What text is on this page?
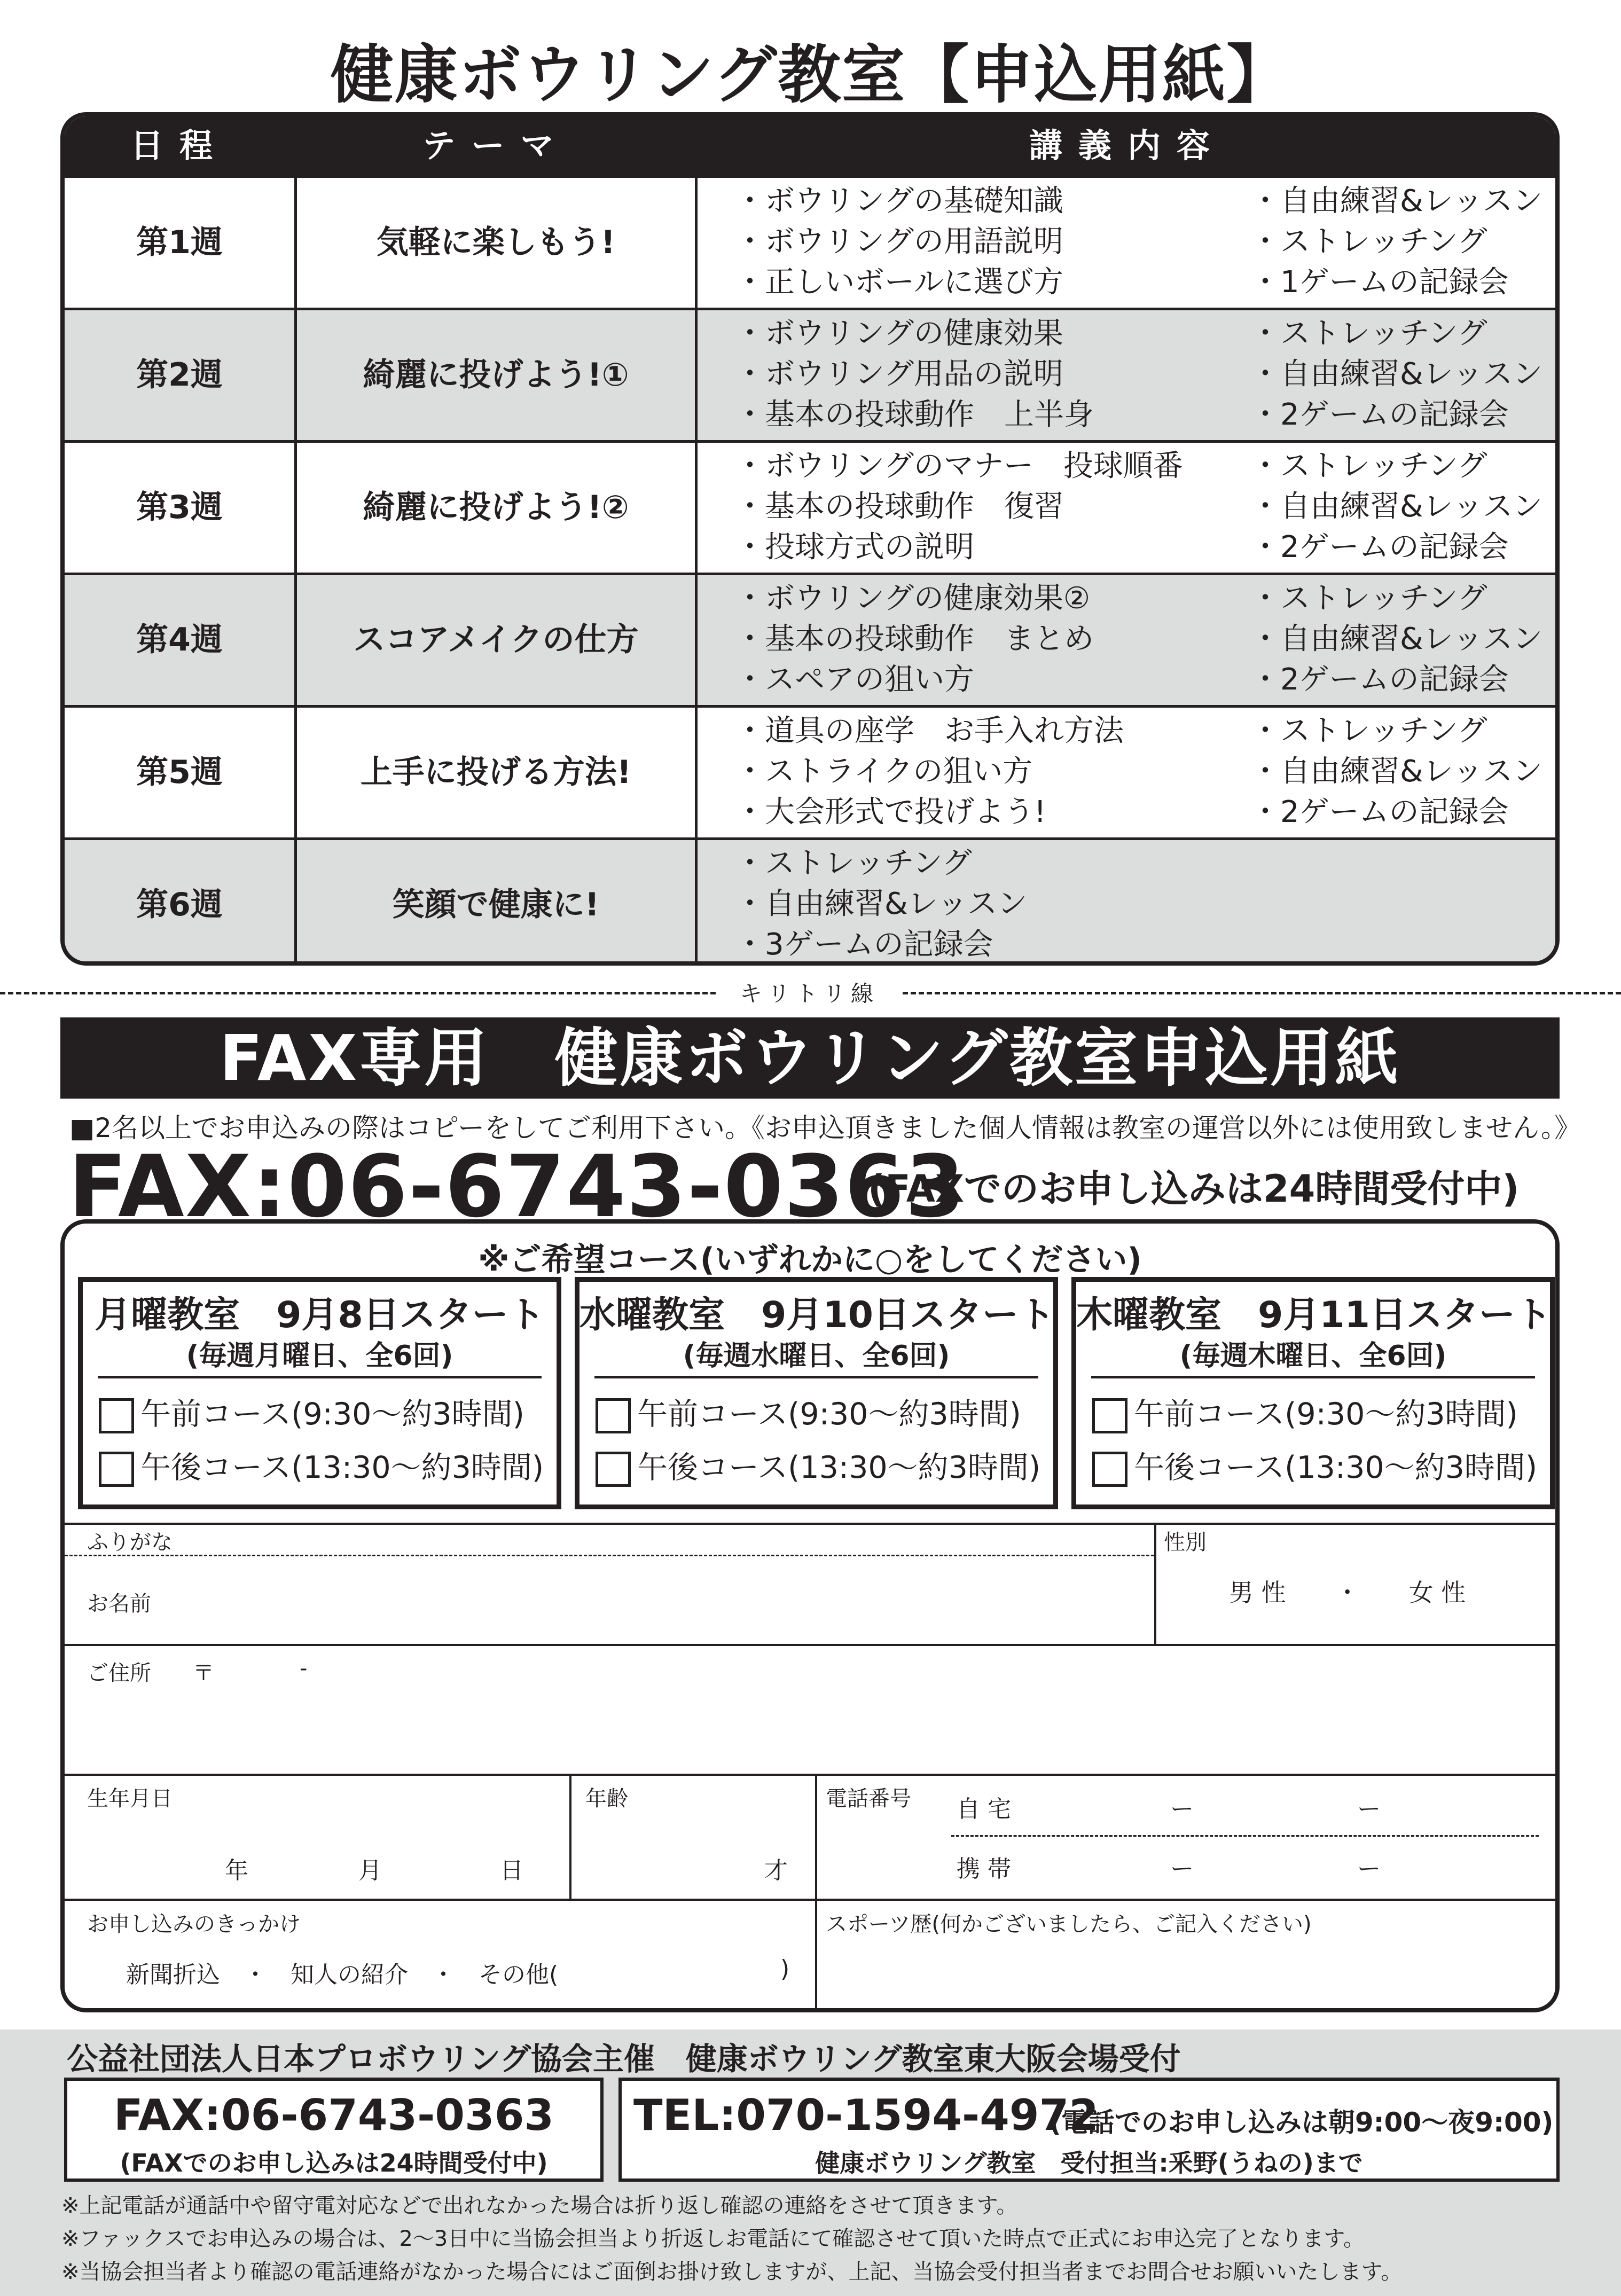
健康ボウリング教室【申込用紙】
日程	テーマ	講義内容
第1週	気軽に楽しもう!
・ボウリングの基礎知識
・ボウリングの用語説明
・正しいボールに選び方
・自由練習&レッスン
・ストレッチング
・1ゲームの記録会
第2週	綺麗に投げよう!①
・ボウリングの健康効果
・ボウリング用品の説明
・基本の投球動作　上半身
・ストレッチング
・自由練習&レッスン
・2ゲームの記録会
第3週	綺麗に投げよう!②
・ボウリングのマナー　投球順番
・基本の投球動作　復習
・投球方式の説明
・ストレッチング
・自由練習&レッスン
・2ゲームの記録会
第4週	スコアメイクの仕方
・ボウリングの健康効果②
・基本の投球動作　まとめ
・スペアの狙い方
・ストレッチング
・自由練習&レッスン
・2ゲームの記録会
第5週	上手に投げる方法!
・道具の座学　お手入れ方法
・ストライクの狙い方
・大会形式で投げよう!
・ストレッチング
・自由練習&レッスン
・2ゲームの記録会
第6週	笑顔で健康に!
・ストレッチング
・自由練習&レッスン
・3ゲームの記録会
キリトリ線
FAX専用　健康ボウリング教室申込用紙
■2名以上でお申込みの際はコピーをしてご利用下さい。《お申込頂きました個人情報は教室の運営以外には使用致しません。》
FAX:06-6743-0363
(FAXでのお申し込みは24時間受付中)
※ご希望コース(いずれかに○をしてください)
月曜教室　9月8日スタート
(毎週月曜日、全6回)
午前コース(9:30〜約3時間)
午後コース(13:30〜約3時間)
水曜教室　9月10日スタート
(毎週水曜日、全6回)
午前コース(9:30〜約3時間)
午後コース(13:30〜約3時間)
木曜教室　9月11日スタート
(毎週木曜日、全6回)
午前コース(9:30〜約3時間)
午後コース(13:30〜約3時間)
ふりがな
お名前
性別
男 性　　・　　女 性
ご住所 〒	-
生年月日
年	月	日
年齢
才
電話番号 自 宅	ー	ー
携 帯	ー	ー
お申し込みのきっかけ
新聞折込　・　知人の紹介　・　その他(	)
スポーツ歴(何かございましたら、ご記入ください)
公益社団法人日本プロボウリング協会主催　健康ボウリング教室東大阪会場受付
FAX:06-6743-0363
(FAXでのお申し込みは24時間受付中)
TEL:070-1594-4972
(電話でのお申し込みは朝9:00〜夜9:00)
健康ボウリング教室　受付担当:釆野(うねの)まで
※上記電話が通話中や留守電対応などで出れなかった場合は折り返し確認の連絡をさせて頂きます。
※ファックスでお申込みの場合は、2〜3日中に当協会担当より折返しお電話にて確認させて頂いた時点で正式にお申込完了となります。
※当協会担当者より確認の電話連絡がなかった場合にはご面倒お掛け致しますが、上記、当協会受付担当者までお問合せお願いいたします。
